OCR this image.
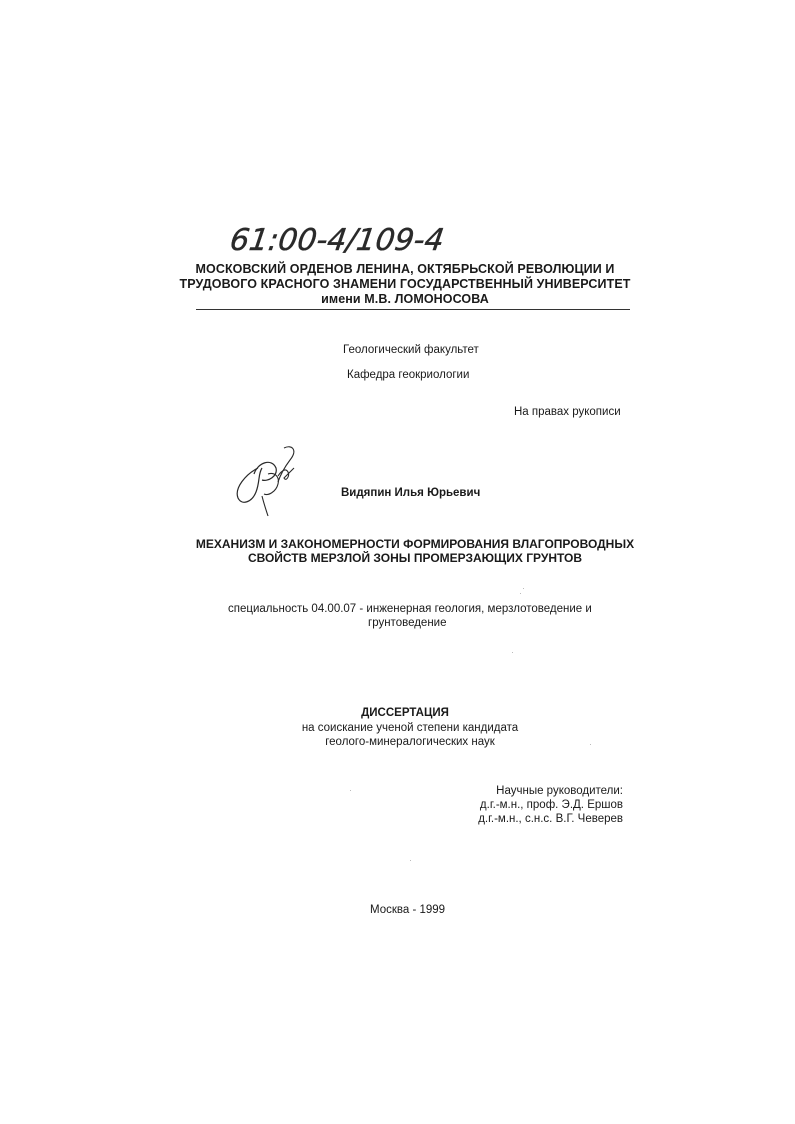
61:00-4/109-4
МОСКОВСКИЙ ОРДЕНОВ ЛЕНИНА, ОКТЯБРЬСКОЙ РЕВОЛЮЦИИ И
ТРУДОВОГО КРАСНОГО ЗНАМЕНИ ГОСУДАРСТВЕННЫЙ УНИВЕРСИТЕТ
имени М.В. ЛОМОНОСОВА
Геологический факультет
Кафедра геокриологии
На правах рукописи
Видяпин Илья Юрьевич
МЕХАНИЗМ И ЗАКОНОМЕРНОСТИ ФОРМИРОВАНИЯ ВЛАГОПРОВОДНЫХ
СВОЙСТВ МЕРЗЛОЙ ЗОНЫ ПРОМЕРЗАЮЩИХ ГРУНТОВ
специальность 04.00.07 - инженерная геология, мерзлотоведение и
грунтоведение
ДИССЕРТАЦИЯ
на соискание ученой степени кандидата
геолого-минералогических наук
Научные руководители:
д.г.-м.н., проф. Э.Д. Ершов
д.г.-м.н., с.н.с. В.Г. Чеверев
Москва - 1999
